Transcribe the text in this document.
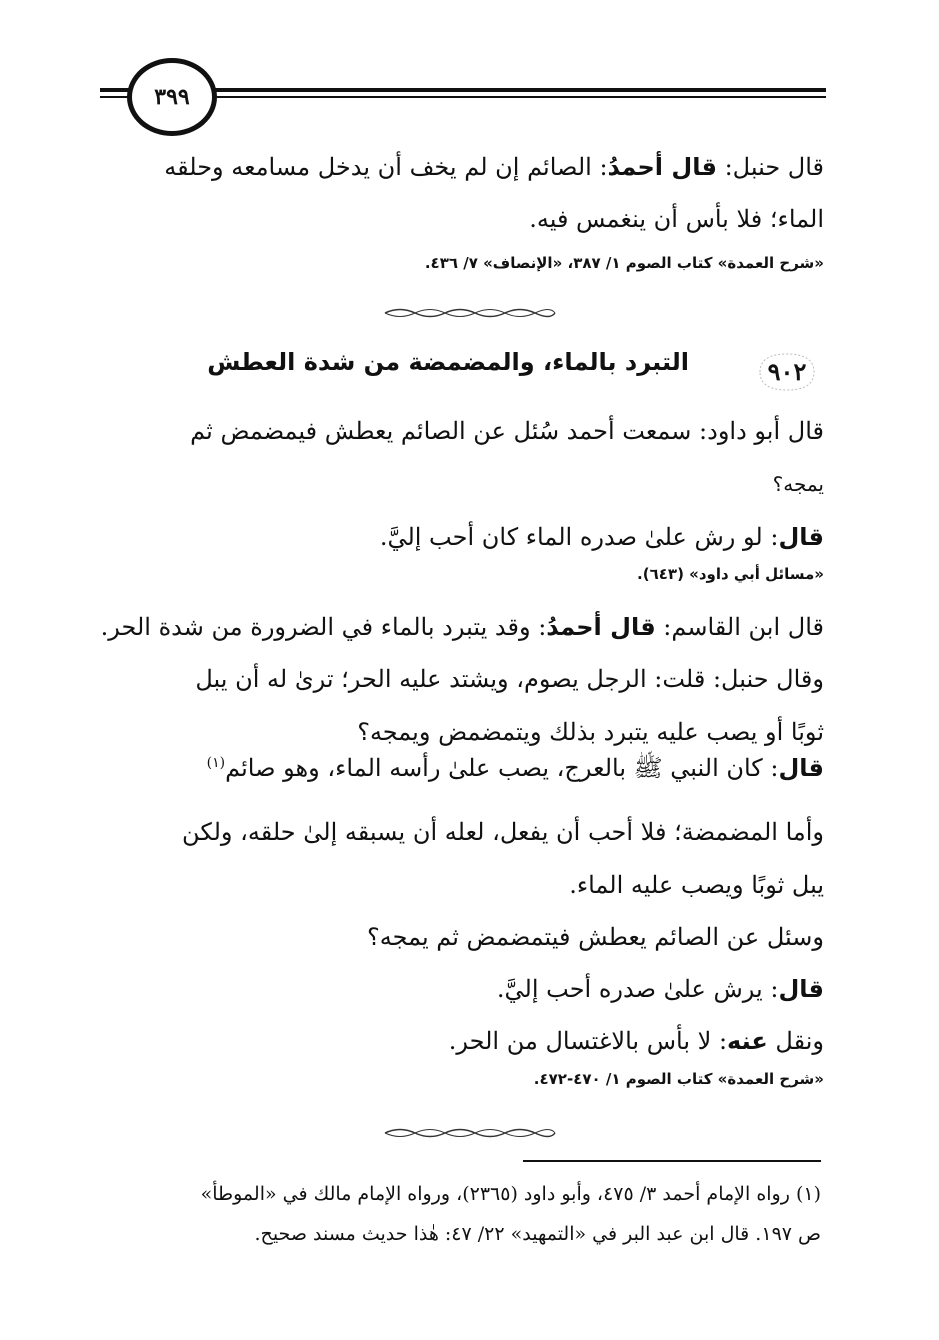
٣٩٩
قال حنبل: قال أحمدُ: الصائم إن لم يخف أن يدخل مسامعه وحلقه
الماء؛ فلا بأس أن ينغمس فيه.
«شرح العمدة» كتاب الصوم ١/ ٣٨٧، «الإنصاف» ٧/ ٤٣٦.
٩٠٢
التبرد بالماء، والمضمضة من شدة العطش
قال أبو داود: سمعت أحمد سُئل عن الصائم يعطش فيمضمض ثم
يمجه؟
قال: لو رش علىٰ صدره الماء كان أحب إليَّ.
«مسائل أبي داود» (٦٤٣).
قال ابن القاسم: قال أحمدُ: وقد يتبرد بالماء في الضرورة من شدة الحر.
وقال حنبل: قلت: الرجل يصوم، ويشتد عليه الحر؛ ترىٰ له أن يبل
ثوبًا أو يصب عليه يتبرد بذلك ويتمضمض ويمجه؟
قال: كان النبي ﷺ بالعرج، يصب علىٰ رأسه الماء، وهو صائم$^{(١)}$
وأما المضمضة؛ فلا أحب أن يفعل، لعله أن يسبقه إلىٰ حلقه، ولكن
يبل ثوبًا ويصب عليه الماء.
وسئل عن الصائم يعطش فيتمضمض ثم يمجه؟
قال: يرش علىٰ صدره أحب إليَّ.
ونقل عنه: لا بأس بالاغتسال من الحر.
«شرح العمدة» كتاب الصوم ١/ ٤٧٠-٤٧٢.
(١) رواه الإمام أحمد ٣/ ٤٧٥، وأبو داود (٢٣٦٥)، ورواه الإمام مالك في «الموطأ»
ص ١٩٧. قال ابن عبد البر في «التمهيد» ٢٢/ ٤٧: هٰذا حديث مسند صحيح.
